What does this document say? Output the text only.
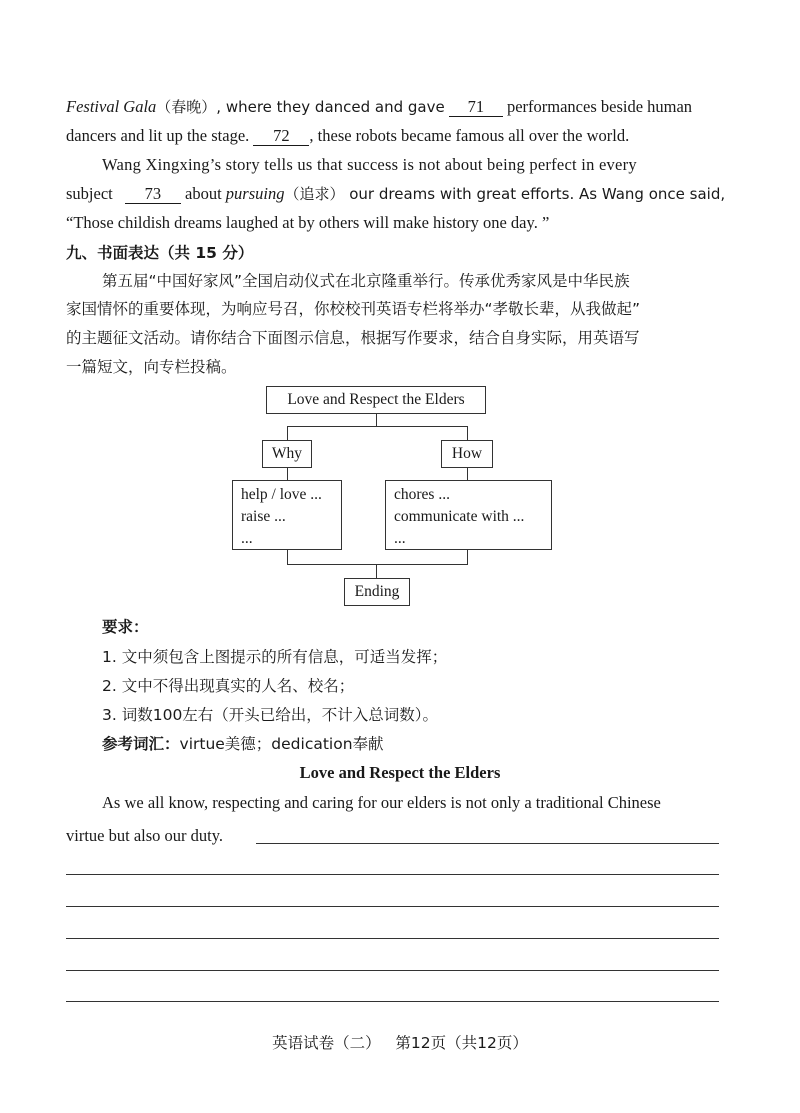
Festival Gala（春晚）, where they danced and gave 71 performances beside human
dancers and lit up the stage. 72 , these robots became famous all over the world.
Wang Xingxing’s story tells us that success is not about being perfect in every
subject 73 about pursuing（追求） our dreams with great efforts. As Wang once said,
“Those childish dreams laughed at by others will make history one day. ”
九、书面表达（共 15 分）
第五届“中国好家风”全国启动仪式在北京隆重举行。传承优秀家风是中华民族
家国情怀的重要体现，为响应号召，你校校刊英语专栏将举办“孝敬长辈，从我做起”
的主题征文活动。请你结合下面图示信息，根据写作要求，结合自身实际，用英语写
一篇短文，向专栏投稿。
Love and Respect the Elders
Why	How
help / love ...
raise ...
...
chores ...
communicate with ...
...
Ending
要求：
1. 文中须包含上图提示的所有信息，可适当发挥；
2. 文中不得出现真实的人名、校名；
3. 词数100左右（开头已给出，不计入总词数）。
参考词汇：virtue美德；dedication奉献
Love and Respect the Elders
As we all know, respecting and caring for our elders is not only a traditional Chinese
virtue but also our duty.
英语试卷（二）   第12页（共12页）
